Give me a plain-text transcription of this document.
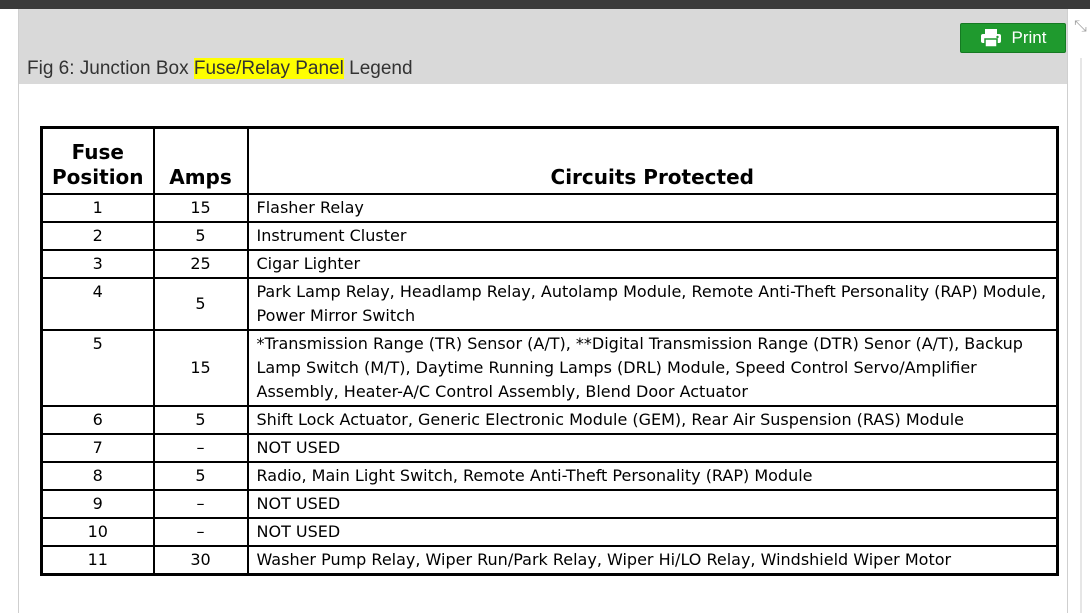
Fig 6: Junction Box Fuse/Relay Panel Legend
Print
⤡
Fuse
Position	Amps	Circuits Protected
1	15	Flasher Relay
2	5	Instrument Cluster
3	25	Cigar Lighter
4	5	Park Lamp Relay, Headlamp Relay, Autolamp Module, Remote Anti-Theft Personality (RAP) Module, Power Mirror Switch
5	15	*Transmission Range (TR) Sensor (A/T), **Digital Transmission Range (DTR) Senor (A/T), Backup Lamp Switch (M/T), Daytime Running Lamps (DRL) Module, Speed Control Servo/Amplifier Assembly, Heater-A/C Control Assembly, Blend Door Actuator
6	5	Shift Lock Actuator, Generic Electronic Module (GEM), Rear Air Suspension (RAS) Module
7	–	NOT USED
8	5	Radio, Main Light Switch, Remote Anti-Theft Personality (RAP) Module
9	–	NOT USED
10	–	NOT USED
11	30	Washer Pump Relay, Wiper Run/Park Relay, Wiper Hi/LO Relay, Windshield Wiper Motor
